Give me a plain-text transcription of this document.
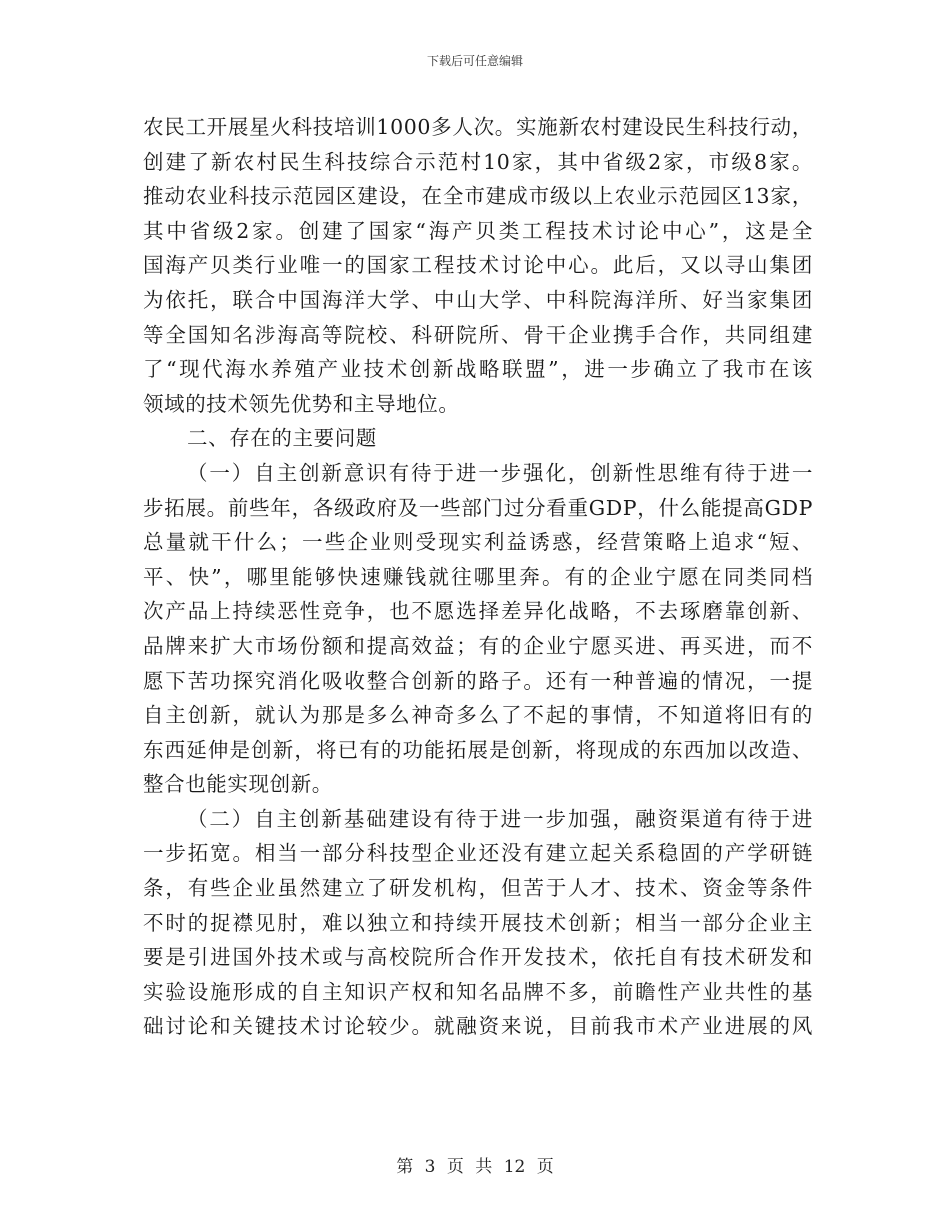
下载后可任意编辑
农民工开展星火科技培训1000多人次。实施新农村建设民生科技行动，
创建了新农村民生科技综合示范村10家，其中省级2家，市级8家。
推动农业科技示范园区建设，在全市建成市级以上农业示范园区13家，
其中省级2家。创建了国家“海产贝类工程技术讨论中心”，这是全
国海产贝类行业唯一的国家工程技术讨论中心。此后，又以寻山集团
为依托，联合中国海洋大学、中山大学、中科院海洋所、好当家集团
等全国知名涉海高等院校、科研院所、骨干企业携手合作，共同组建
了“现代海水养殖产业技术创新战略联盟”，进一步确立了我市在该
领域的技术领先优势和主导地位。
二、存在的主要问题
（一）自主创新意识有待于进一步强化，创新性思维有待于进一
步拓展。前些年，各级政府及一些部门过分看重GDP，什么能提高GDP
总量就干什么；一些企业则受现实利益诱惑，经营策略上追求“短、
平、快”，哪里能够快速赚钱就往哪里奔。有的企业宁愿在同类同档
次产品上持续恶性竞争，也不愿选择差异化战略，不去琢磨靠创新、
品牌来扩大市场份额和提高效益；有的企业宁愿买进、再买进，而不
愿下苦功探究消化吸收整合创新的路子。还有一种普遍的情况，一提
自主创新，就认为那是多么神奇多么了不起的事情，不知道将旧有的
东西延伸是创新，将已有的功能拓展是创新，将现成的东西加以改造、
整合也能实现创新。
（二）自主创新基础建设有待于进一步加强，融资渠道有待于进
一步拓宽。相当一部分科技型企业还没有建立起关系稳固的产学研链
条，有些企业虽然建立了研发机构，但苦于人才、技术、资金等条件
不时的捉襟见肘，难以独立和持续开展技术创新；相当一部分企业主
要是引进国外技术或与高校院所合作开发技术，依托自有技术研发和
实验设施形成的自主知识产权和知名品牌不多，前瞻性产业共性的基
础讨论和关键技术讨论较少。就融资来说，目前我市术产业进展的风
第 3 页 共 12 页
